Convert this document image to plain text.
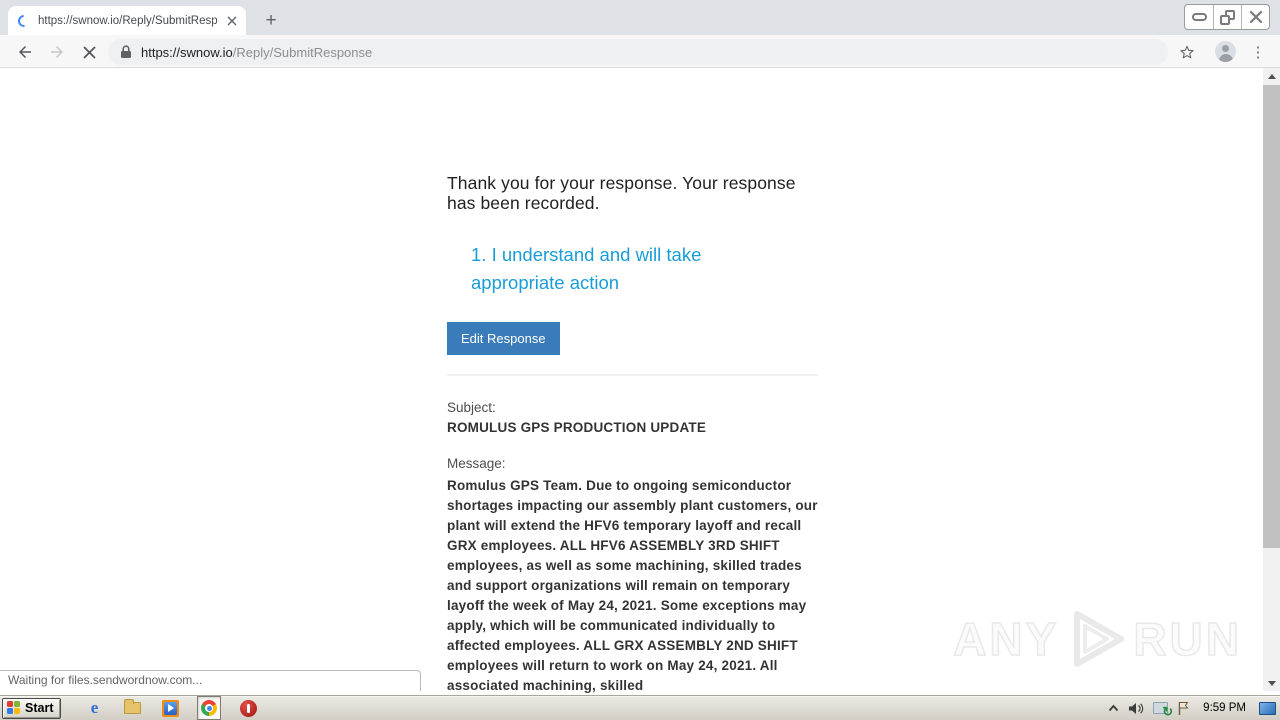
https://swnow.io/Reply/SubmitResp	+
https://swnow.io/Reply/SubmitResponse	⋮
Thank you for your response. Your response has been recorded.
1. I understand and will take appropriate action
Edit Response
Subject:
ROMULUS GPS PRODUCTION UPDATE
Message:
Romulus GPS Team. Due to ongoing semiconductor shortages impacting our assembly plant customers, our plant will extend the HFV6 temporary layoff and recall GRX employees. ALL HFV6 ASSEMBLY 3RD SHIFT employees, as well as some machining, skilled trades and support organizations will remain on temporary layoff the week of May 24, 2021. Some exceptions may apply, which will be communicated individually to affected employees. ALL GRX ASSEMBLY 2ND SHIFT employees will return to work on May 24, 2021. All associated machining, skilled
ANY RUN
Waiting for files.sendwordnow.com...
Start e	↻	9:59 PM
